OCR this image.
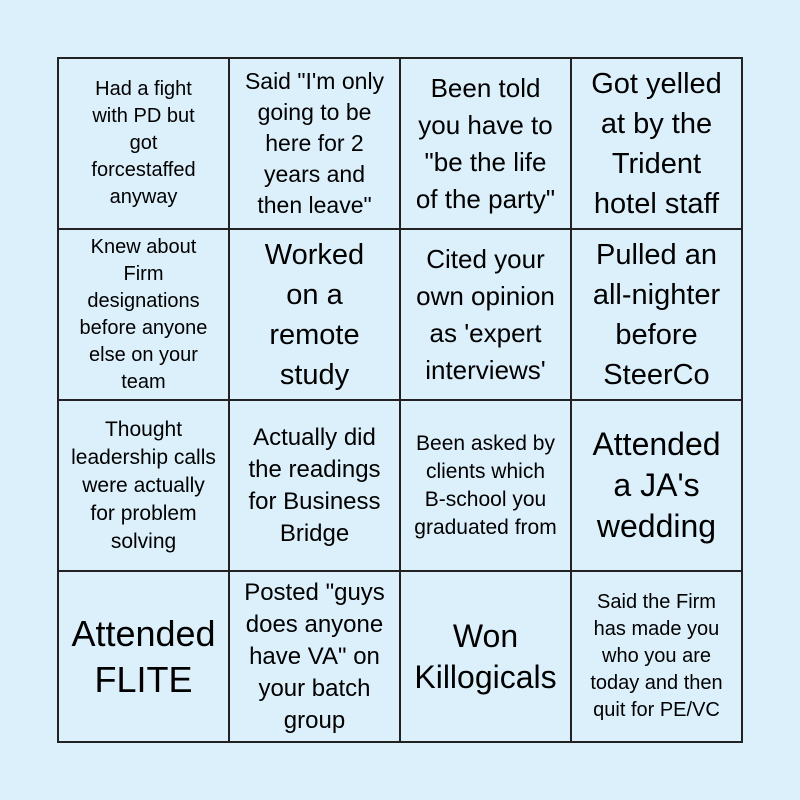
Had a fight
with PD but
got
forcestaffed
anyway
Said "I'm only
going to be
here for 2
years and
then leave"
Been told
you have to
"be the life
of the party"
Got yelled
at by the
Trident
hotel staff
Knew about
Firm
designations
before anyone
else on your
team
Worked
on a
remote
study
Cited your
own opinion
as 'expert
interviews'
Pulled an
all-nighter
before
SteerCo
Thought
leadership calls
were actually
for problem
solving
Actually did
the readings
for Business
Bridge
Been asked by
clients which
B-school you
graduated from
Attended
a JA's
wedding
Attended
FLITE
Posted "guys
does anyone
have VA" on
your batch
group
Won
Killogicals
Said the Firm
has made you
who you are
today and then
quit for PE/VC
